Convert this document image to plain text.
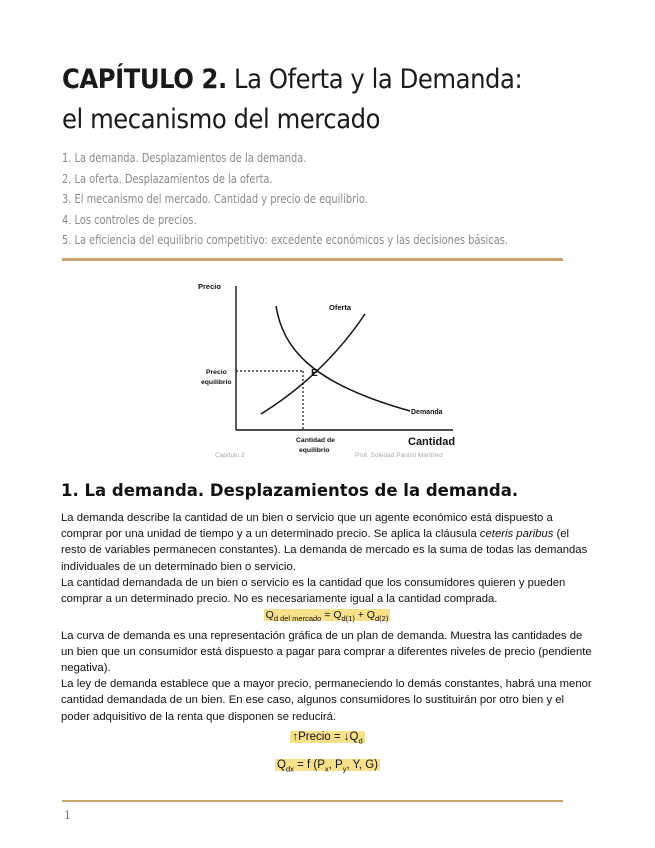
CAPÍTULO 2. La Oferta y la Demanda: el mecanismo del mercado
1. La demanda. Desplazamientos de la demanda.
2. La oferta. Desplazamientos de la oferta.
3. El mecanismo del mercado. Cantidad y precio de equilibrio.
4. Los controles de precios.
5. La eficiencia del equilibrio competitivo: excedente económicos y las decisiones básicas.
Precio
Cantidad
Oferta
Demanda
E
Precio
equilibrio
Cantidad de
equilibrio
Capítulo 2	Prof. Soledad Panizo Martínez
1. La demanda. Desplazamientos de la demanda.

La demanda describe la cantidad de un bien o servicio que un agente económico está dispuesto a comprar por una unidad de tiempo y a un determinado precio. Se aplica la cláusula ceteris paribus (el resto de variables permanecen constantes). La demanda de mercado es la suma de todas las demandas individuales de un determinado bien o servicio.

La cantidad demandada de un bien o servicio es la cantidad que los consumidores quieren y pueden comprar a un determinado precio. No es necesariamente igual a la cantidad comprada.

$Q_{d del mercado} = Q_{d(1)} + Q_{d(2)}$

La curva de demanda es una representación gráfica de un plan de demanda. Muestra las cantidades de un bien que un consumidor está dispuesto a pagar para comprar a diferentes niveles de precio (pendiente negativa).

La ley de demanda establece que a mayor precio, permaneciendo lo demás constantes, habrá una menor cantidad demandada de un bien. En ese caso, algunos consumidores lo sustituirán por otro bien y el poder adquisitivo de la renta que disponen se reducirá.

↑Precio = $↓Q_d$
$Q_{dx} = f$ ($P_x$, $P_y$, Y, G)
1
